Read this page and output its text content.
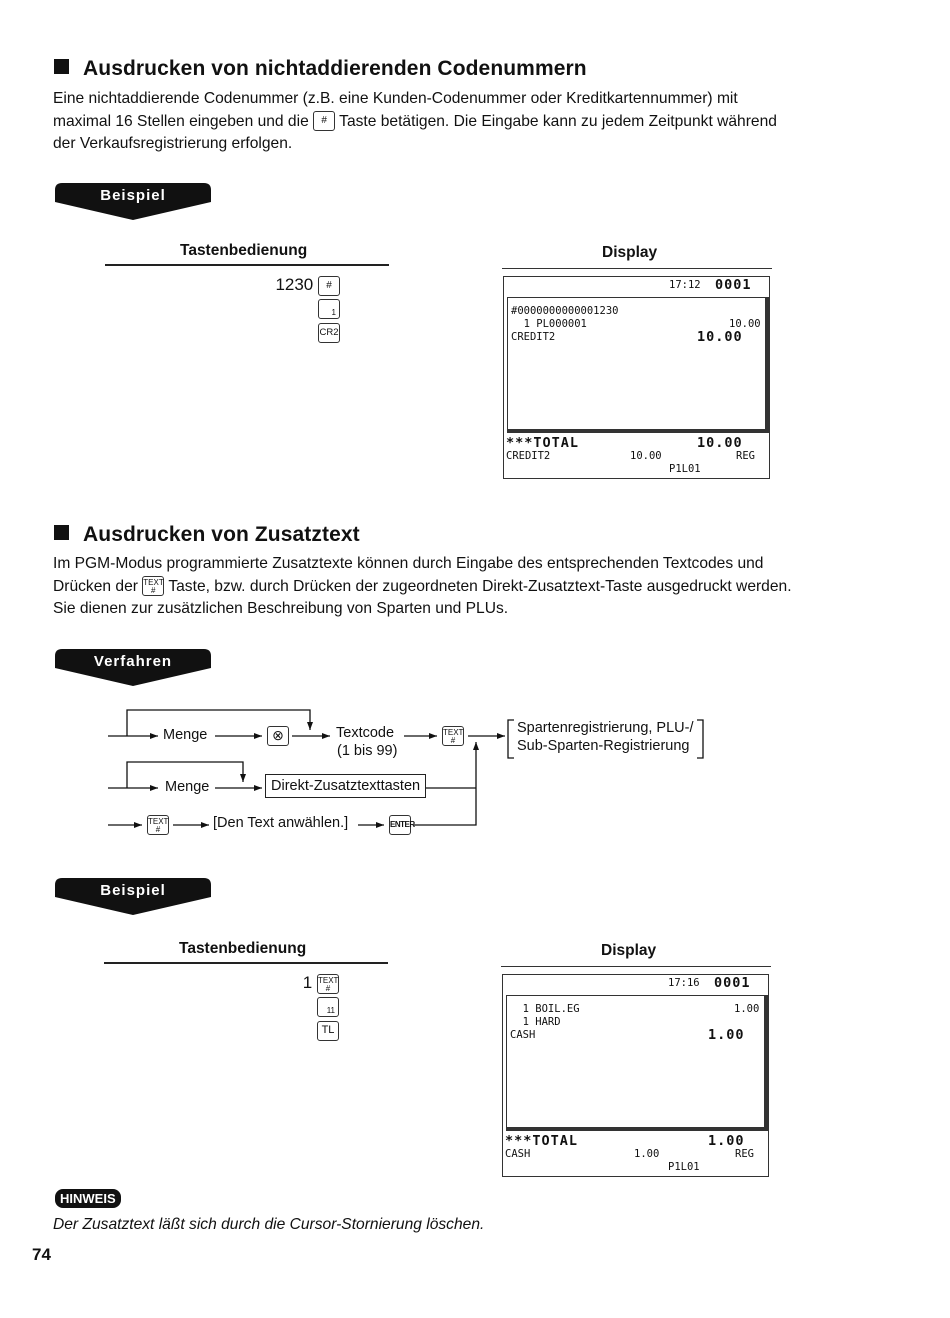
Ausdrucken von nichtaddierenden Codenummern
Eine nichtaddierende Codenummer (z.B. eine Kunden-Codenummer oder Kreditkartennummer) mit
maximal 16 Stellen eingeben und die # Taste betätigen. Die Eingabe kann zu jedem Zeitpunkt während
der Verkaufsregistrierung erfolgen.
Beispiel
Tastenbedienung	Display
1230 #
1
CR2
17:12 0001
#0000000000001230
1 PL000001	10.00
CREDIT2	10.00
***TOTAL	10.00
CREDIT2	10.00	REG
P1L01
Ausdrucken von Zusatztext
Im PGM-Modus programmierte Zusatztexte können durch Eingabe des entsprechenden Textcodes und
Drücken der TEXT
# Taste, bzw. durch Drücken der zugeordneten Direkt-Zusatztext-Taste ausgedruckt werden.
Sie dienen zur zusätzlichen Beschreibung von Sparten und PLUs.
Verfahren
Menge	⊗	Textcode
(1 bis 99)
TEXT
#
Spartenregistrierung, PLU-/
Sub-Sparten-Registrierung
Menge	Direkt-Zusatztexttasten
TEXT
#	[Den Text anwählen.]	ENTER
Beispiel
Tastenbedienung	Display
1 TEXT
#
11
TL
17:16 0001
1 BOIL.EG	1.00
1 HARD
CASH	1.00
***TOTAL	1.00
CASH	1.00	REG
P1L01
HINWEIS
Der Zusatztext läßt sich durch die Cursor-Stornierung löschen.
74
